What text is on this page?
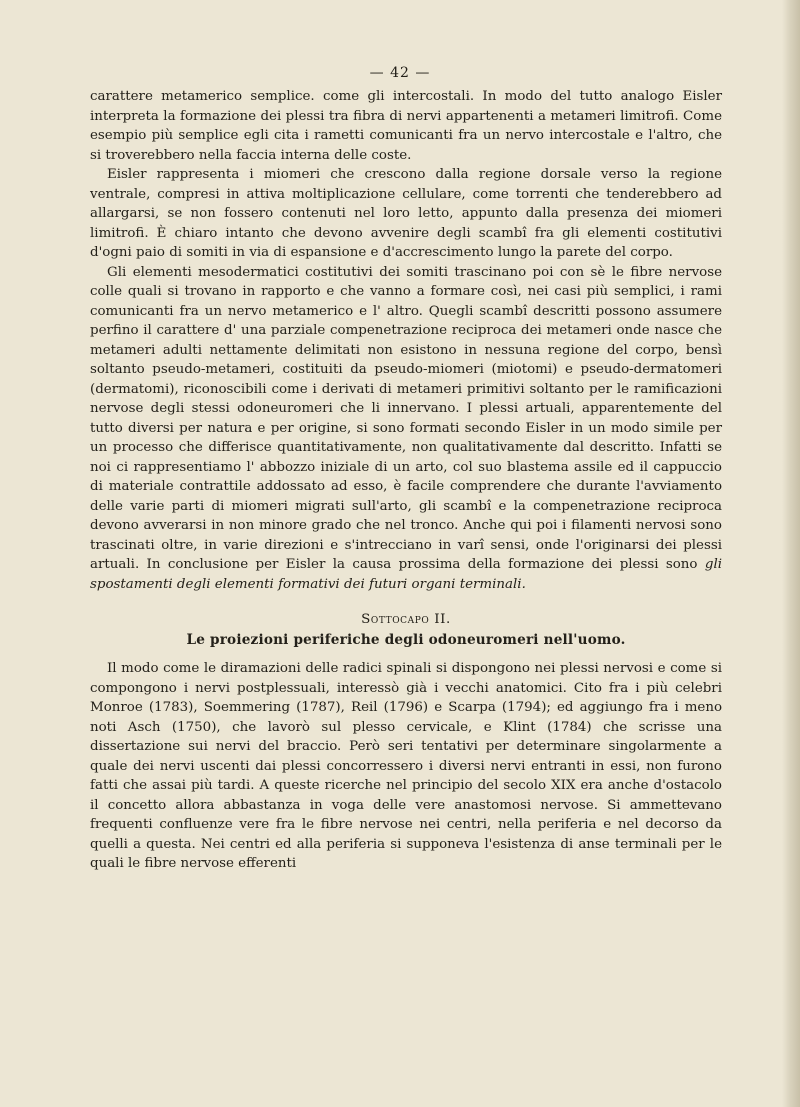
— 42 —

carattere metamerico semplice. come gli intercostali. In modo del tutto analogo Eisler interpreta la formazione dei plessi tra fibra di nervi appartenenti a metameri limitrofi. Come esempio più semplice egli cita i rametti comunicanti fra un nervo intercostale e l'altro, che si troverebbero nella faccia interna delle coste.

Eisler rappresenta i miomeri che crescono dalla regione dorsale verso la regione ventrale, compresi in attiva moltiplicazione cellulare, come torrenti che tenderebbero ad allargarsi, se non fossero contenuti nel loro letto, appunto dalla presenza dei miomeri limitrofi. È chiaro intanto che devono avvenire degli scambî fra gli elementi costitutivi d'ogni paio di somiti in via di espansione e d'accrescimento lungo la parete del corpo.

Gli elementi mesodermatici costitutivi dei somiti trascinano poi con sè le fibre nervose colle quali si trovano in rapporto e che vanno a formare così, nei casi più semplici, i rami comunicanti fra un nervo metamerico e l' altro. Quegli scambî descritti possono assumere perfino il carattere d' una parziale compenetrazione reciproca dei metameri onde nasce che metameri adulti nettamente delimitati non esistono in nessuna regione del corpo, bensì soltanto pseudo-metameri, costituiti da pseudo-miomeri (miotomi) e pseudo-dermatomeri (dermatomi), riconoscibili come i derivati di metameri primitivi soltanto per le ramificazioni nervose degli stessi odoneuromeri che li innervano. I plessi artuali, apparentemente del tutto diversi per natura e per origine, si sono formati secondo Eisler in un modo simile per un processo che differisce quantitativamente, non qualitativamente dal descritto. Infatti se noi ci rappresentiamo l' abbozzo iniziale di un arto, col suo blastema assile ed il cappuccio di materiale contrattile addossato ad esso, è facile comprendere che durante l'avviamento delle varie parti di miomeri migrati sull'arto, gli scambî e la compenetrazione reciproca devono avverarsi in non minore grado che nel tronco. Anche qui poi i filamenti nervosi sono trascinati oltre, in varie direzioni e s'intrecciano in varî sensi, onde l'originarsi dei plessi artuali. In conclusione per Eisler la causa prossima della formazione dei plessi sono gli spostamenti degli elementi formativi dei futuri organi terminali.

Sottocapo II.
Le proiezioni periferiche degli odoneuromeri nell'uomo.

Il modo come le diramazioni delle radici spinali si dispongono nei plessi nervosi e come si compongono i nervi postplessuali, interessò già i vecchi anatomici. Cito fra i più celebri Monroe (1783), Soemmering (1787), Reil (1796) e Scarpa (1794); ed aggiungo fra i meno noti Asch (1750), che lavorò sul plesso cervicale, e Klint (1784) che scrisse una dissertazione sui nervi del braccio. Però seri tentativi per determinare singolarmente a quale dei nervi uscenti dai plessi concorressero i diversi nervi entranti in essi, non furono fatti che assai più tardi. A queste ricerche nel principio del secolo XIX era anche d'ostacolo il concetto allora abbastanza in voga delle vere anastomosi nervose. Si ammettevano frequenti confluenze vere fra le fibre nervose nei centri, nella periferia e nel decorso da quelli a questa. Nei centri ed alla periferia si supponeva l'esistenza di anse terminali per le quali le fibre nervose efferenti
